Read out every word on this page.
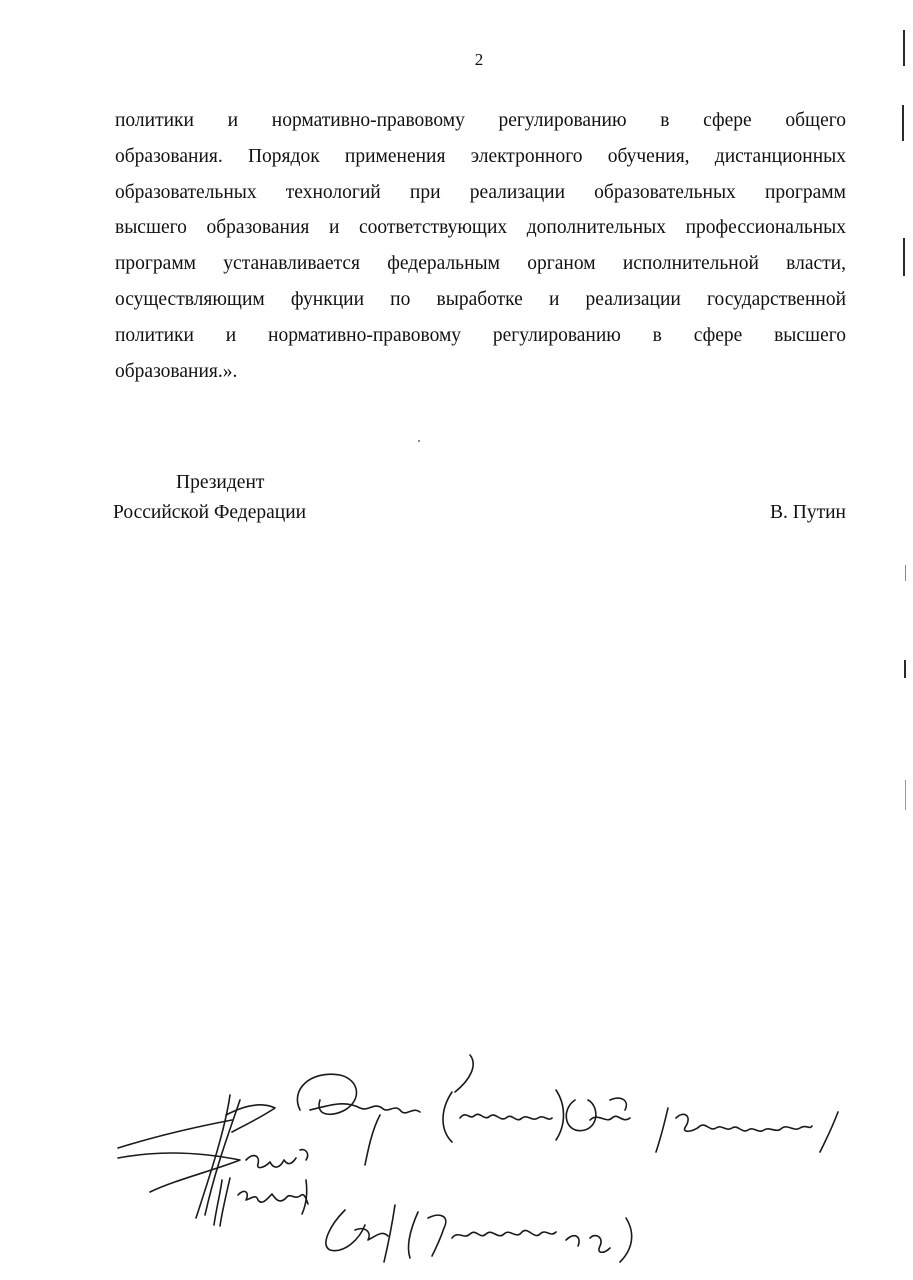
2
политики и нормативно-правовому регулированию в сфере общего
образования. Порядок применения электронного обучения, дистанционных
образовательных технологий при реализации образовательных программ
высшего образования и соответствующих дополнительных профессиональных
программ устанавливается федеральным органом исполнительной власти,
осуществляющим функции по выработке и реализации государственной
политики и нормативно-правовому регулированию в сфере высшего
образования.».
Президент
Российской Федерации	В. Путин
